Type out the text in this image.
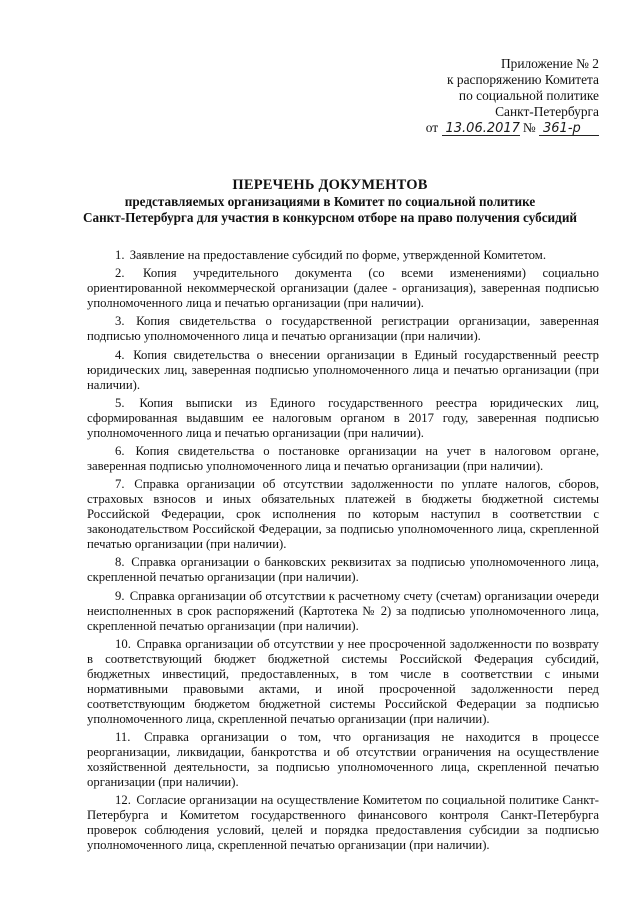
Приложение № 2
к распоряжению Комитета
по социальной политике
Санкт-Петербурга
от 13.06.2017 № 361-р
ПЕРЕЧЕНЬ ДОКУМЕНТОВ
представляемых организациями в Комитет по социальной политике
Санкт-Петербурга для участия в конкурсном отборе на право получения субсидий

1. Заявление на предоставление субсидий по форме, утвержденной Комитетом.

2. Копия учредительного документа (со всеми изменениями) социально ориентированной некоммерческой организации (далее - организация), заверенная подписью уполномоченного лица и печатью организации (при наличии).

3. Копия свидетельства о государственной регистрации организации, заверенная подписью уполномоченного лица и печатью организации (при наличии).

4. Копия свидетельства о внесении организации в Единый государственный реестр юридических лиц, заверенная подписью уполномоченного лица и печатью организации (при наличии).

5. Копия выписки из Единого государственного реестра юридических лиц, сформированная выдавшим ее налоговым органом в 2017 году, заверенная подписью уполномоченного лица и печатью организации (при наличии).

6. Копия свидетельства о постановке организации на учет в налоговом органе, заверенная подписью уполномоченного лица и печатью организации (при наличии).

7. Справка организации об отсутствии задолженности по уплате налогов, сборов, страховых взносов и иных обязательных платежей в бюджеты бюджетной системы Российской Федерации, срок исполнения по которым наступил в соответствии с законодательством Российской Федерации, за подписью уполномоченного лица, скрепленной печатью организации (при наличии).

8. Справка организации о банковских реквизитах за подписью уполномоченного лица, скрепленной печатью организации (при наличии).

9. Справка организации об отсутствии к расчетному счету (счетам) организации очереди неисполненных в срок распоряжений (Картотека № 2) за подписью уполномоченного лица, скрепленной печатью организации (при наличии).

10. Справка организации об отсутствии у нее просроченной задолженности по возврату в соответствующий бюджет бюджетной системы Российской Федерация субсидий, бюджетных инвестиций, предоставленных, в том числе в соответствии с иными нормативными правовыми актами, и иной просроченной задолженности перед соответствующим бюджетом бюджетной системы Российской Федерации за подписью уполномоченного лица, скрепленной печатью организации (при наличии).

11. Справка организации о том, что организация не находится в процессе реорганизации, ликвидации, банкротства и об отсутствии ограничения на осуществление хозяйственной деятельности, за подписью уполномоченного лица, скрепленной печатью организации (при наличии).

12. Согласие организации на осуществление Комитетом по социальной политике Санкт-Петербурга и Комитетом государственного финансового контроля Санкт-Петербурга проверок соблюдения условий, целей и порядка предоставления субсидии за подписью уполномоченного лица, скрепленной печатью организации (при наличии).
